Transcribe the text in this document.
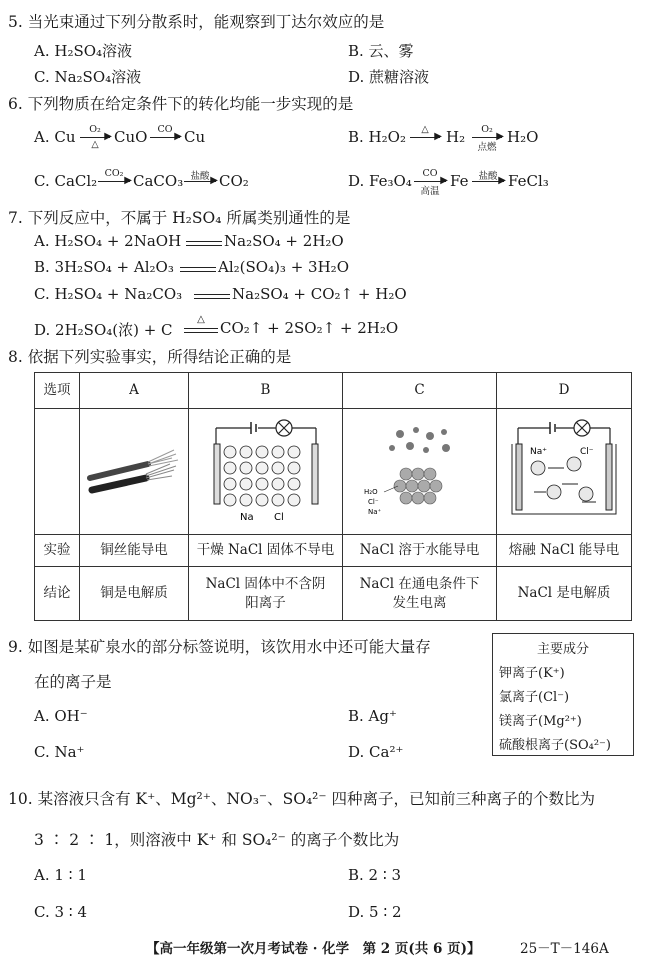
5. 当光束通过下列分散系时，能观察到丁达尔效应的是
A. H₂SO₄溶液	B. 云、雾
C. Na₂SO₄溶液	D. 蔗糖溶液
6. 下列物质在给定条件下的转化均能一步实现的是
A. Cu	O₂
▶
△	CuO	CO
▶ Cu	B. H₂O₂	△
▶ H₂	O₂
▶
点燃
H₂O
C. CaCl₂ CO₂
▶ CaCO₃ 盐酸 ▶ CO₂	D. Fe₃O₄	CO
▶
高温
Fe	盐酸 ▶ FeCl₃
7. 下列反应中，不属于 H₂SO₄ 所属类别通性的是
A. H₂SO₄ + 2NaOH	Na₂SO₄ + 2H₂O
B. 3H₂SO₄ + Al₂O₃	Al₂(SO₄)₃ + 3H₂O
C. H₂SO₄ + Na₂CO₃	Na₂SO₄ + CO₂↑ + H₂O
D. 2H₂SO₄(浓) + C
△	CO₂↑ + 2SO₂↑ + 2H₂O
8. 依据下列实验事实，所得结论正确的是
选项	A	B	C	D

Na Cl	H₂O
Cl⁻
Na⁺	Na⁺ Cl⁻

实验	铜丝能导电	干燥 NaCl 固体不导电	NaCl 溶于水能导电	熔融 NaCl 能导电
结论	铜是电解质	NaCl 固体中不含阴阳离子	NaCl 在通电条件下发生电离	NaCl 是电解质
9. 如图是某矿泉水的部分标签说明，该饮用水中还可能大量存
在的离子是
A. OH⁻	B. Ag⁺
C. Na⁺	D. Ca²⁺
主要成分
钾离子(K⁺)
氯离子(Cl⁻)
镁离子(Mg²⁺)
硫酸根离子(SO₄²⁻)
10. 某溶液只含有 K⁺、Mg²⁺、NO₃⁻、SO₄²⁻ 四种离子，已知前三种离子的个数比为
3 ∶ 2 ∶ 1，则溶液中 K⁺ 和 SO₄²⁻ 的离子个数比为
A. 1 ∶ 1	B. 2 ∶ 3
C. 3 ∶ 4	D. 5 ∶ 2
【高一年级第一次月考试卷 · 化学　第 2 页(共 6 页)】	25－T－146A
